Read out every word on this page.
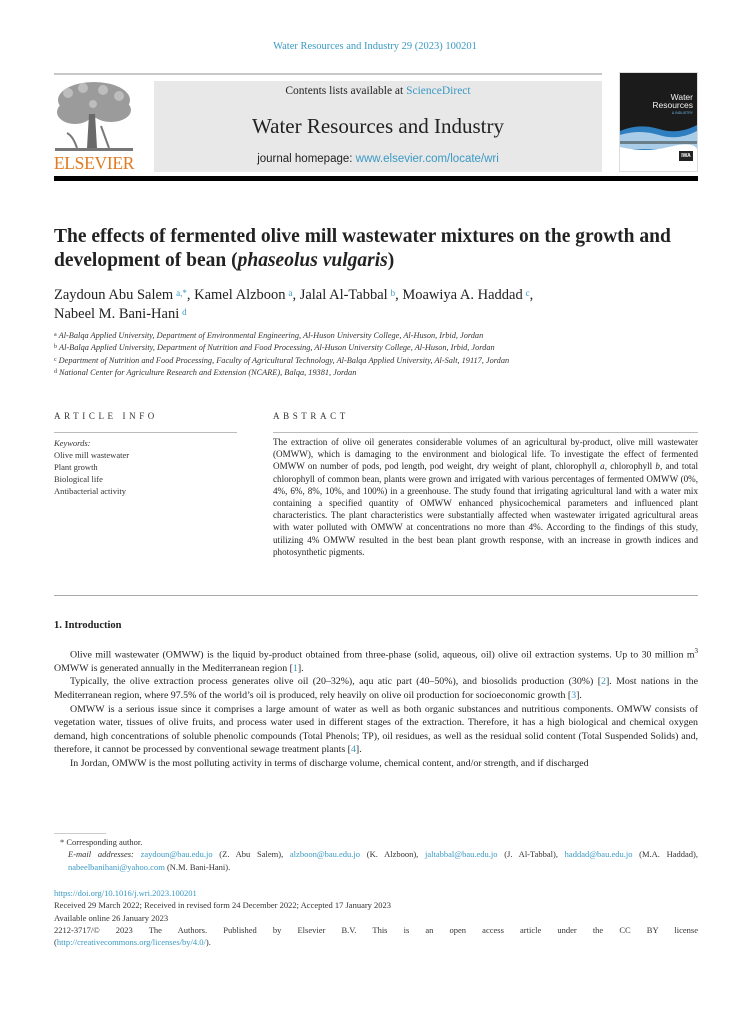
Water Resources and Industry 29 (2023) 100201
ELSEVIER
Contents lists available at ScienceDirect
Water Resources and Industry
journal homepage: www.elsevier.com/locate/wri
Water
Resources
& INDUSTRY
IWA
The effects of fermented olive mill wastewater mixtures on the growth and development of bean (phaseolus vulgaris)
Zaydoun Abu Salem  $^{a,*}$, Kamel Alzboon  $^a$, Jalal Al-Tabbal  $^b$, Moawiya A. Haddad  $^c$,
Nabeel M. Bani-Hani  $^d$
$^a$ Al-Balqa Applied University, Department of Environmental Engineering, Al-Huson University College, Al-Huson, Irbid, Jordan
$^b$ Al-Balqa Applied University, Department of Nutrition and Food Processing, Al-Huson University College, Al-Huson, Irbid, Jordan
$^c$ Department of Nutrition and Food Processing, Faculty of Agricultural Technology, Al-Balqa Applied University, Al-Salt, 19117, Jordan
$^d$ National Center for Agriculture Research and Extension (NCARE), Balqa, 19381, Jordan
ARTICLE INFO	ABSTRACT
Keywords:
Olive mill wastewater
Plant growth
Biological life
Antibacterial activity
The extraction of olive oil generates considerable volumes of an agricultural by-product, olive mill wastewater (OMWW), which is damaging to the environment and biological life. To investigate the effect of fermented OMWW on number of pods, pod length, pod weight, dry weight of plant, chlorophyll a, chlorophyll b, and total chlorophyll of common bean, plants were grown and irrigated with various percentages of fermented OMWW (0%, 4%, 6%, 8%, 10%, and 100%) in a greenhouse. The study found that irrigating agricultural land with a water mix containing a specified quantity of OMWW enhanced physicochemical parameters and influenced plant characteristics. The plant characteristics were substantially affected when wastewater irrigated agricultural areas with water polluted with OMWW at concentrations no more than 4%. According to the findings of this study, utilizing 4% OMWW resulted in the best bean plant growth response, with an increase in growth indices and photosynthetic pigments.
1. Introduction

Olive mill wastewater (OMWW) is the liquid by-product obtained from three-phase (solid, aqueous, oil) olive oil extraction systems. Up to 30 million $m^3$ OMWW is generated annually in the Mediterranean region [1].

Typically, the olive extraction process generates olive oil (20–32%), aqu atic part (40–50%), and biosolids production (30%) [2]. Most nations in the Mediterranean region, where 97.5% of the world’s oil is produced, rely heavily on olive oil production for socioeconomic growth [3].

OMWW is a serious issue since it comprises a large amount of water as well as both organic substances and nutritious components. OMWW consists of vegetation water, tissues of olive fruits, and process water used in different stages of the extraction. Therefore, it has a high biological and chemical oxygen demand, high concentrations of soluble phenolic compounds (Total Phenols; TP), oil residues, as well as the residual solid content (Total Suspended Solids) and, therefore, it cannot be processed by conventional sewage treatment plants [4].

In Jordan, OMWW is the most polluting activity in terms of discharge volume, chemical content, and/or strength, and if discharged

* Corresponding author.
E-mail addresses: zaydoun@bau.edu.jo (Z. Abu Salem), alzboon@bau.edu.jo (K. Alzboon), jaltabbal@bau.edu.jo (J. Al-Tabbal), haddad@bau.edu.jo (M.A. Haddad), nabeelbanihani@yahoo.com (N.M. Bani-Hani).
https://doi.org/10.1016/j.wri.2023.100201
Received 29 March 2022; Received in revised form 24 December 2022; Accepted 17 January 2023
Available online 26 January 2023
2212-3717/© 2023 The Authors. Published by Elsevier B.V. This is an open access article under the CC BY license
(http://creativecommons.org/licenses/by/4.0/).
